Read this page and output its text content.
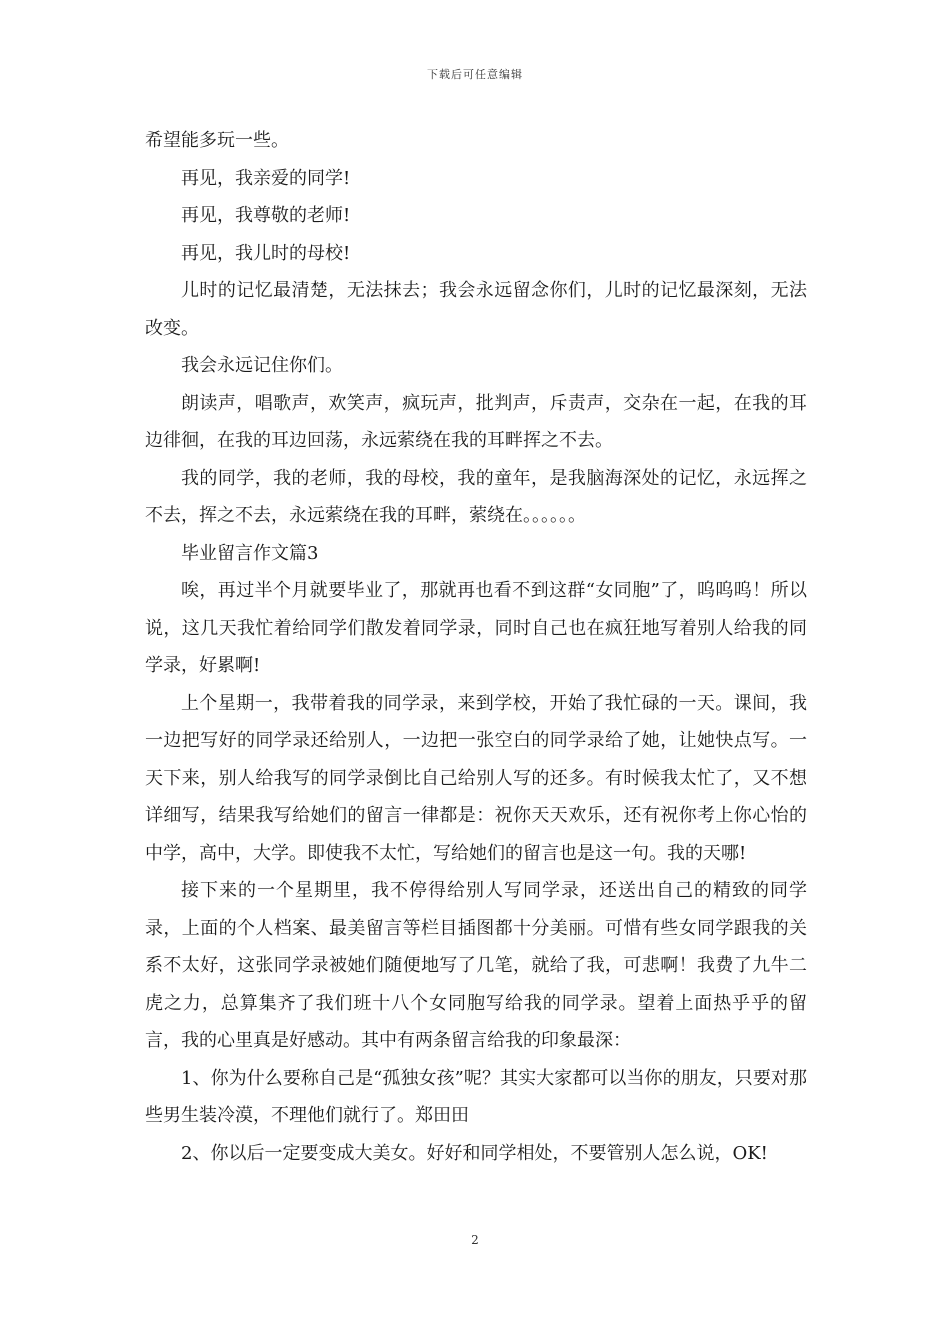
下载后可任意编辑

希望能多玩一些。

再见，我亲爱的同学!

再见，我尊敬的老师!

再见，我儿时的母校!

儿时的记忆最清楚，无法抹去；我会永远留念你们，儿时的记忆最深刻，无法改变。

我会永远记住你们。

朗读声，唱歌声，欢笑声，疯玩声，批判声，斥责声，交杂在一起，在我的耳边徘徊，在我的耳边回荡，永远萦绕在我的耳畔挥之不去。

我的同学，我的老师，我的母校，我的童年，是我脑海深处的记忆，永远挥之不去，挥之不去，永远萦绕在我的耳畔，萦绕在。。。。。。

毕业留言作文篇3

唉，再过半个月就要毕业了，那就再也看不到这群“女同胞”了，呜呜呜！所以说，这几天我忙着给同学们散发着同学录，同时自己也在疯狂地写着别人给我的同学录，好累啊!

上个星期一，我带着我的同学录，来到学校，开始了我忙碌的一天。课间，我一边把写好的同学录还给别人，一边把一张空白的同学录给了她，让她快点写。一天下来，别人给我写的同学录倒比自己给别人写的还多。有时候我太忙了，又不想详细写，结果我写给她们的留言一律都是：祝你天天欢乐，还有祝你考上你心怡的中学，高中，大学。即使我不太忙，写给她们的留言也是这一句。我的天哪!

接下来的一个星期里，我不停得给别人写同学录，还送出自己的精致的同学录，上面的个人档案、最美留言等栏目插图都十分美丽。可惜有些女同学跟我的关系不太好，这张同学录被她们随便地写了几笔，就给了我，可悲啊！我费了九牛二虎之力，总算集齐了我们班十八个女同胞写给我的同学录。望着上面热乎乎的留言，我的心里真是好感动。其中有两条留言给我的印象最深：

1、你为什么要称自己是“孤独女孩”呢？其实大家都可以当你的朋友，只要对那些男生装冷漠，不理他们就行了。郑田田

2、你以后一定要变成大美女。好好和同学相处，不要管别人怎么说，OK!

2
